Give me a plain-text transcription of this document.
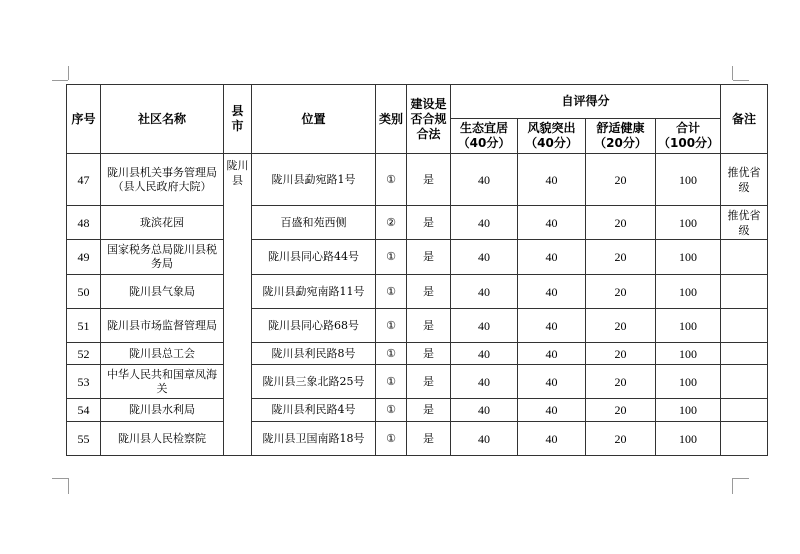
序号	社区名称	县市	位置	类别	建设是否合规合法	自评得分				备注
						生态宜居（40分）	风貌突出（40分）	舒适健康（20分）	合计（100分）	
47	陇川县机关事务管理局（县人民政府大院）	陇川县	陇川县勐宛路1号	①	是	40	40	20	100	推优省级
48	珑滨花园		百盛和苑西侧	②	是	40	40	20	100	推优省级
49	国家税务总局陇川县税务局		陇川县同心路44号	①	是	40	40	20	100	
50	陇川县气象局		陇川县勐宛南路11号	①	是	40	40	20	100	
51	陇川县市场监督管理局		陇川县同心路68号	①	是	40	40	20	100	
52	陇川县总工会		陇川县利民路8号	①	是	40	40	20	100	
53	中华人民共和国章凤海关		陇川县三象北路25号	①	是	40	40	20	100	
54	陇川县水利局		陇川县利民路4号	①	是	40	40	20	100	
55	陇川县人民检察院		陇川县卫国南路18号	①	是	40	40	20	100	
